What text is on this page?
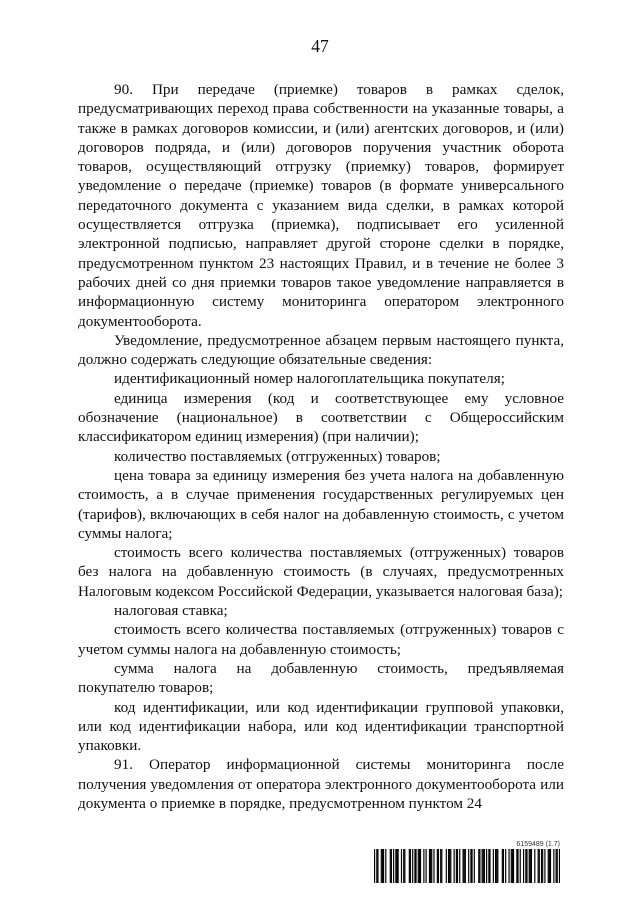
47

90. При передаче (приемке) товаров в рамках сделок, предусматривающих переход права собственности на указанные товары, а также в рамках договоров комиссии, и (или) агентских договоров, и (или) договоров подряда, и (или) договоров поручения участник оборота товаров, осуществляющий отгрузку (приемку) товаров, формирует уведомление о передаче (приемке) товаров (в формате универсального передаточного документа с указанием вида сделки, в рамках которой осуществляется отгрузка (приемка), подписывает его усиленной электронной подписью, направляет другой стороне сделки в порядке, предусмотренном пунктом 23 настоящих Правил, и в течение не более 3 рабочих дней со дня приемки товаров такое уведомление направляется в информационную систему мониторинга оператором электронного документооборота.

Уведомление, предусмотренное абзацем первым настоящего пункта, должно содержать следующие обязательные сведения:

идентификационный номер налогоплательщика покупателя;

единица измерения (код и соответствующее ему условное обозначение (национальное) в соответствии с Общероссийским классификатором единиц измерения) (при наличии);

количество поставляемых (отгруженных) товаров;

цена товара за единицу измерения без учета налога на добавленную стоимость, а в случае применения государственных регулируемых цен (тарифов), включающих в себя налог на добавленную стоимость, с учетом суммы налога;

стоимость всего количества поставляемых (отгруженных) товаров без налога на добавленную стоимость (в случаях, предусмотренных Налоговым кодексом Российской Федерации, указывается налоговая база);

налоговая ставка;

стоимость всего количества поставляемых (отгруженных) товаров с учетом суммы налога на добавленную стоимость;

сумма налога на добавленную стоимость, предъявляемая покупателю товаров;

код идентификации, или код идентификации групповой упаковки, или код идентификации набора, или код идентификации транспортной упаковки.

91. Оператор информационной системы мониторинга после получения уведомления от оператора электронного документооборота или документа о приемке в порядке, предусмотренном пунктом 24

6159489 (1.7)
